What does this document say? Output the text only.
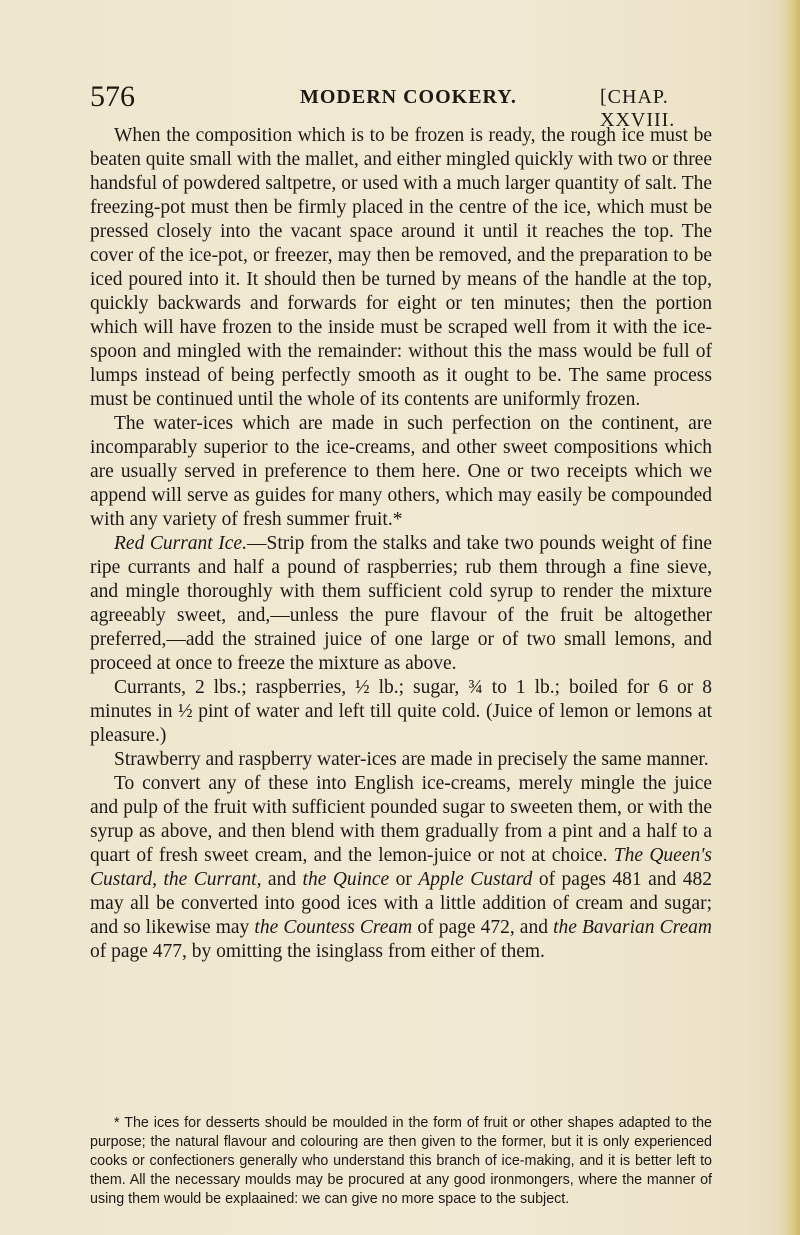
576	MODERN COOKERY.	[CHAP. XXVIII.

When the composition which is to be frozen is ready, the rough ice must be beaten quite small with the mallet, and either mingled quickly with two or three handsful of powdered saltpetre, or used with a much larger quantity of salt. The freezing-pot must then be firmly placed in the centre of the ice, which must be pressed closely into the vacant space around it until it reaches the top. The cover of the ice-pot, or freezer, may then be removed, and the preparation to be iced poured into it. It should then be turned by means of the handle at the top, quickly backwards and forwards for eight or ten minutes; then the portion which will have frozen to the inside must be scraped well from it with the ice-spoon and mingled with the remainder: without this the mass would be full of lumps instead of being perfectly smooth as it ought to be. The same process must be continued until the whole of its contents are uniformly frozen.

The water-ices which are made in such perfection on the continent, are incomparably superior to the ice-creams, and other sweet compositions which are usually served in preference to them here. One or two receipts which we append will serve as guides for many others, which may easily be compounded with any variety of fresh summer fruit.*

Red Currant Ice.—Strip from the stalks and take two pounds weight of fine ripe currants and half a pound of raspberries; rub them through a fine sieve, and mingle thoroughly with them sufficient cold syrup to render the mixture agreeably sweet, and,—unless the pure flavour of the fruit be altogether preferred,—add the strained juice of one large or of two small lemons, and proceed at once to freeze the mixture as above.

Currants, 2 lbs.; raspberries, ½ lb.; sugar, ¾ to 1 lb.; boiled for 6 or 8 minutes in ½ pint of water and left till quite cold. (Juice of lemon or lemons at pleasure.)

Strawberry and raspberry water-ices are made in precisely the same manner.

To convert any of these into English ice-creams, merely mingle the juice and pulp of the fruit with sufficient pounded sugar to sweeten them, or with the syrup as above, and then blend with them gradually from a pint and a half to a quart of fresh sweet cream, and the lemon-juice or not at choice. The Queen's Custard, the Currant, and the Quince or Apple Custard of pages 481 and 482 may all be converted into good ices with a little addition of cream and sugar; and so likewise may the Countess Cream of page 472, and the Bavarian Cream of page 477, by omitting the isinglass from either of them.

* The ices for desserts should be moulded in the form of fruit or other shapes adapted to the purpose; the natural flavour and colouring are then given to the former, but it is only experienced cooks or confectioners generally who understand this branch of ice-making, and it is better left to them. All the necessary moulds may be procured at any good ironmongers, where the manner of using them would be explaained: we can give no more space to the subject.
